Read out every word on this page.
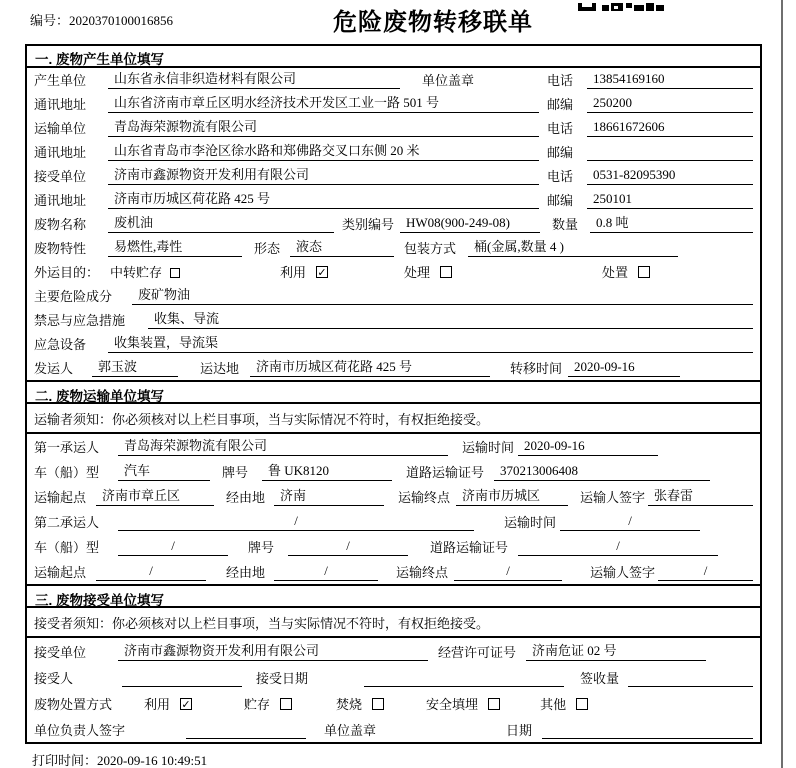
编号：2020370100016856	危险废物转移联单
一. 废物产生单位填写
产生单位	山东省永信非织造材料有限公司	单位盖章	电话	13854169160
通讯地址	山东省济南市章丘区明水经济技术开发区工业一路 501 号	邮编	250200
运输单位	青岛海荣源物流有限公司	电话	18661672606
通讯地址	山东省青岛市李沧区徐水路和郑佛路交叉口东侧 20 米	邮编
接受单位	济南市鑫源物资开发利用有限公司	电话	0531-82095390
通讯地址	济南市历城区荷花路 425 号	邮编	250101
废物名称	废机油	类别编号 HW08(900-249-08)	数量	0.8 吨
废物特性	易燃性,毒性	形态	液态	包装方式	桶(金属,数量 4 )
外运目的： 中转贮存	利用 ✓	处理	处置
主要危险成分	废矿物油
禁忌与应急措施	收集、导流
应急设备	收集装置，导流渠
发运人	郭玉波	运达地	济南市历城区荷花路 425 号	转移时间 2020-09-16
二. 废物运输单位填写
运输者须知：你必须核对以上栏目事项，当与实际情况不符时，有权拒绝接受。
第一承运人	青岛海荣源物流有限公司	运输时间 2020-09-16
车（船）型	汽车	牌号	鲁 UK8120	道路运输证号	370213006408
运输起点	济南市章丘区	经由地	济南	运输终点 济南市历城区	运输人签字 张春雷
第二承运人	/	运输时间	/
车（船）型	/	牌号	/	道路运输证号	/
运输起点	/	经由地	/	运输终点	/	运输人签字	/
三. 废物接受单位填写
接受者须知：你必须核对以上栏目事项，当与实际情况不符时，有权拒绝接受。
接受单位	济南市鑫源物资开发利用有限公司	经营许可证号	济南危证 02 号
接受人	接受日期	签收量
废物处置方式	利用 ✓	贮存	焚烧	安全填埋	其他
单位负责人签字	单位盖章	日期
打印时间：2020-09-16 10:49:51
